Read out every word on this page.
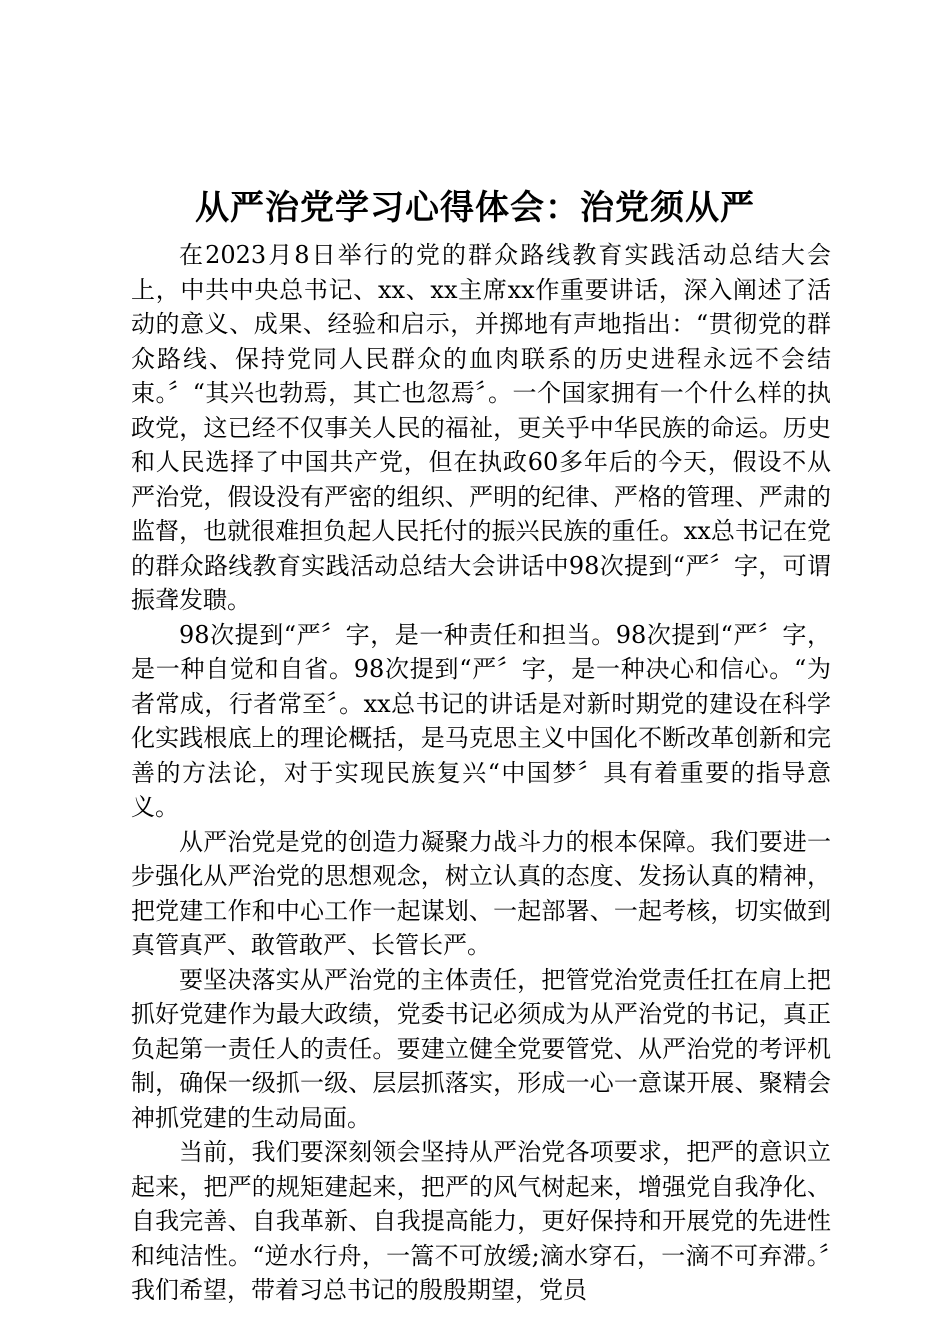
从严治党学习心得体会：治党须从严

在2023月8日举行的党的群众路线教育实践活动总结大会上，中共中央总书记、xx、xx主席xx作重要讲话，深入阐述了活动的意义、成果、经验和启示，并掷地有声地指出：“贯彻党的群众路线、保持党同人民群众的血肉联系的历史进程永远不会结束。〞“其兴也勃焉，其亡也忽焉〞。一个国家拥有一个什么样的执政党，这已经不仅事关人民的福祉，更关乎中华民族的命运。历史和人民选择了中国共产党，但在执政60多年后的今天，假设不从严治党，假设没有严密的组织、严明的纪律、严格的管理、严肃的监督，也就很难担负起人民托付的振兴民族的重任。xx总书记在党的群众路线教育实践活动总结大会讲话中98次提到“严〞字，可谓振聋发聩。

98次提到“严〞字，是一种责任和担当。98次提到“严〞字，是一种自觉和自省。98次提到“严〞字，是一种决心和信心。“为者常成，行者常至〞。xx总书记的讲话是对新时期党的建设在科学化实践根底上的理论概括，是马克思主义中国化不断改革创新和完善的方法论，对于实现民族复兴“中国梦〞具有着重要的指导意义。

从严治党是党的创造力凝聚力战斗力的根本保障。我们要进一步强化从严治党的思想观念，树立认真的态度、发扬认真的精神，把党建工作和中心工作一起谋划、一起部署、一起考核，切实做到真管真严、敢管敢严、长管长严。

要坚决落实从严治党的主体责任，把管党治党责任扛在肩上把抓好党建作为最大政绩，党委书记必须成为从严治党的书记，真正负起第一责任人的责任。要建立健全党要管党、从严治党的考评机制，确保一级抓一级、层层抓落实，形成一心一意谋开展、聚精会神抓党建的生动局面。

当前，我们要深刻领会坚持从严治党各项要求，把严的意识立起来，把严的规矩建起来，把严的风气树起来，增强党自我净化、自我完善、自我革新、自我提高能力，更好保持和开展党的先进性和纯洁性。“逆水行舟，一篙不可放缓;滴水穿石，一滴不可弃滞。〞我们希望，带着习总书记的殷殷期望，党员
